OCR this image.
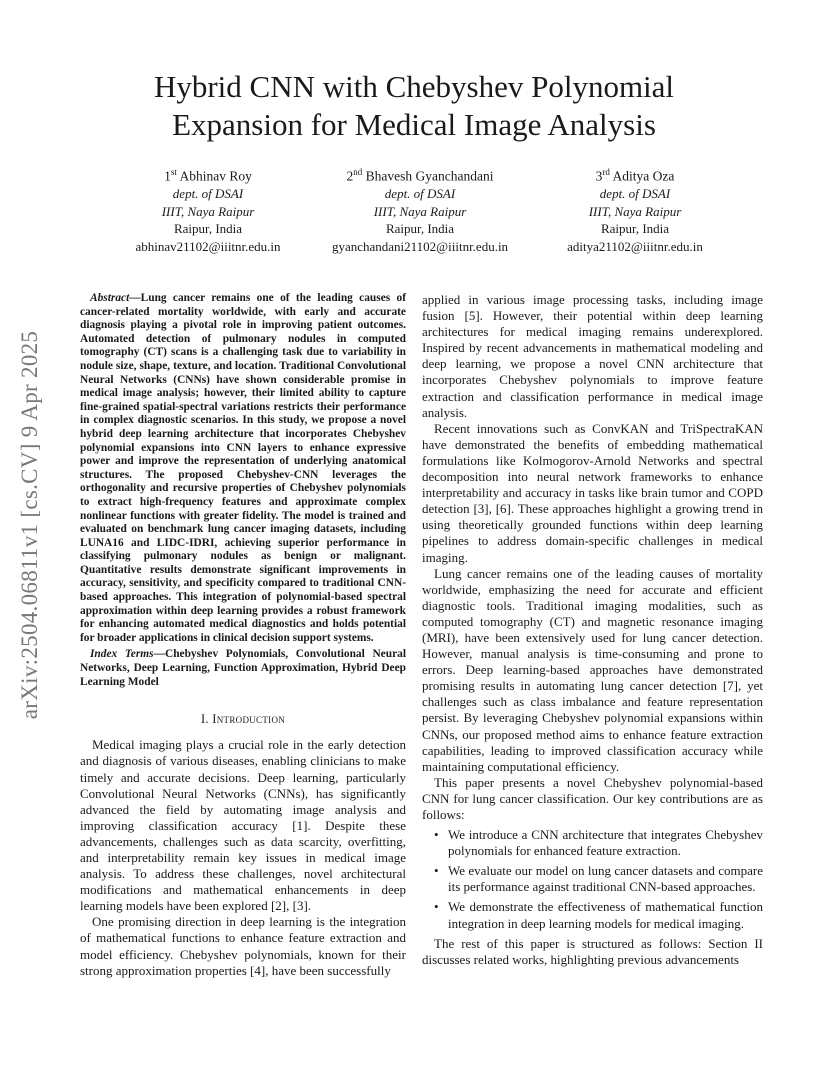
arXiv:2504.06811v1 [cs.CV] 9 Apr 2025
Hybrid CNN with Chebyshev Polynomial
Expansion for Medical Image Analysis
1st Abhinav Roy
dept. of DSAI
IIIT, Naya Raipur
Raipur, India
abhinav21102@iiitnr.edu.in
2nd Bhavesh Gyanchandani
dept. of DSAI
IIIT, Naya Raipur
Raipur, India
gyanchandani21102@iiitnr.edu.in
3rd Aditya Oza
dept. of DSAI
IIIT, Naya Raipur
Raipur, India
aditya21102@iiitnr.edu.in

Abstract—Lung cancer remains one of the leading causes of cancer-related mortality worldwide, with early and accurate diagnosis playing a pivotal role in improving patient outcomes. Automated detection of pulmonary nodules in computed tomography (CT) scans is a challenging task due to variability in nodule size, shape, texture, and location. Traditional Convolutional Neural Networks (CNNs) have shown considerable promise in medical image analysis; however, their limited ability to capture fine-grained spatial-spectral variations restricts their performance in complex diagnostic scenarios. In this study, we propose a novel hybrid deep learning architecture that incorporates Chebyshev polynomial expansions into CNN layers to enhance expressive power and improve the representation of underlying anatomical structures. The proposed Chebyshev-CNN leverages the orthogonality and recursive properties of Chebyshev polynomials to extract high-frequency features and approximate complex nonlinear functions with greater fidelity. The model is trained and evaluated on benchmark lung cancer imaging datasets, including LUNA16 and LIDC-IDRI, achieving superior performance in classifying pulmonary nodules as benign or malignant. Quantitative results demonstrate significant improvements in accuracy, sensitivity, and specificity compared to traditional CNN-based approaches. This integration of polynomial-based spectral approximation within deep learning provides a robust framework for enhancing automated medical diagnostics and holds potential for broader applications in clinical decision support systems.

Index Terms—Chebyshev Polynomials, Convolutional Neural Networks, Deep Learning, Function Approximation, Hybrid Deep Learning Model

I. Introduction

Medical imaging plays a crucial role in the early detection and diagnosis of various diseases, enabling clinicians to make timely and accurate decisions. Deep learning, particularly Convolutional Neural Networks (CNNs), has significantly advanced the field by automating image analysis and improving classification accuracy [1]. Despite these advancements, challenges such as data scarcity, overfitting, and interpretability remain key issues in medical image analysis. To address these challenges, novel architectural modifications and mathematical enhancements in deep learning models have been explored [2], [3].

One promising direction in deep learning is the integration of mathematical functions to enhance feature extraction and model efficiency. Chebyshev polynomials, known for their strong approximation properties [4], have been successfully

applied in various image processing tasks, including image fusion [5]. However, their potential within deep learning architectures for medical imaging remains underexplored. Inspired by recent advancements in mathematical modeling and deep learning, we propose a novel CNN architecture that incorporates Chebyshev polynomials to improve feature extraction and classification performance in medical image analysis.

Recent innovations such as ConvKAN and TriSpectraKAN have demonstrated the benefits of embedding mathematical formulations like Kolmogorov-Arnold Networks and spectral decomposition into neural network frameworks to enhance interpretability and accuracy in tasks like brain tumor and COPD detection [3], [6]. These approaches highlight a growing trend in using theoretically grounded functions within deep learning pipelines to address domain-specific challenges in medical imaging.

Lung cancer remains one of the leading causes of mortality worldwide, emphasizing the need for accurate and efficient diagnostic tools. Traditional imaging modalities, such as computed tomography (CT) and magnetic resonance imaging (MRI), have been extensively used for lung cancer detection. However, manual analysis is time-consuming and prone to errors. Deep learning-based approaches have demonstrated promising results in automating lung cancer detection [7], yet challenges such as class imbalance and feature representation persist. By leveraging Chebyshev polynomial expansions within CNNs, our proposed method aims to enhance feature extraction capabilities, leading to improved classification accuracy while maintaining computational efficiency.

This paper presents a novel Chebyshev polynomial-based CNN for lung cancer classification. Our key contributions are as follows:

• We introduce a CNN architecture that integrates Chebyshev polynomials for enhanced feature extraction.
• We evaluate our model on lung cancer datasets and compare its performance against traditional CNN-based approaches.
• We demonstrate the effectiveness of mathematical function integration in deep learning models for medical imaging.

The rest of this paper is structured as follows: Section II discusses related works, highlighting previous advancements
